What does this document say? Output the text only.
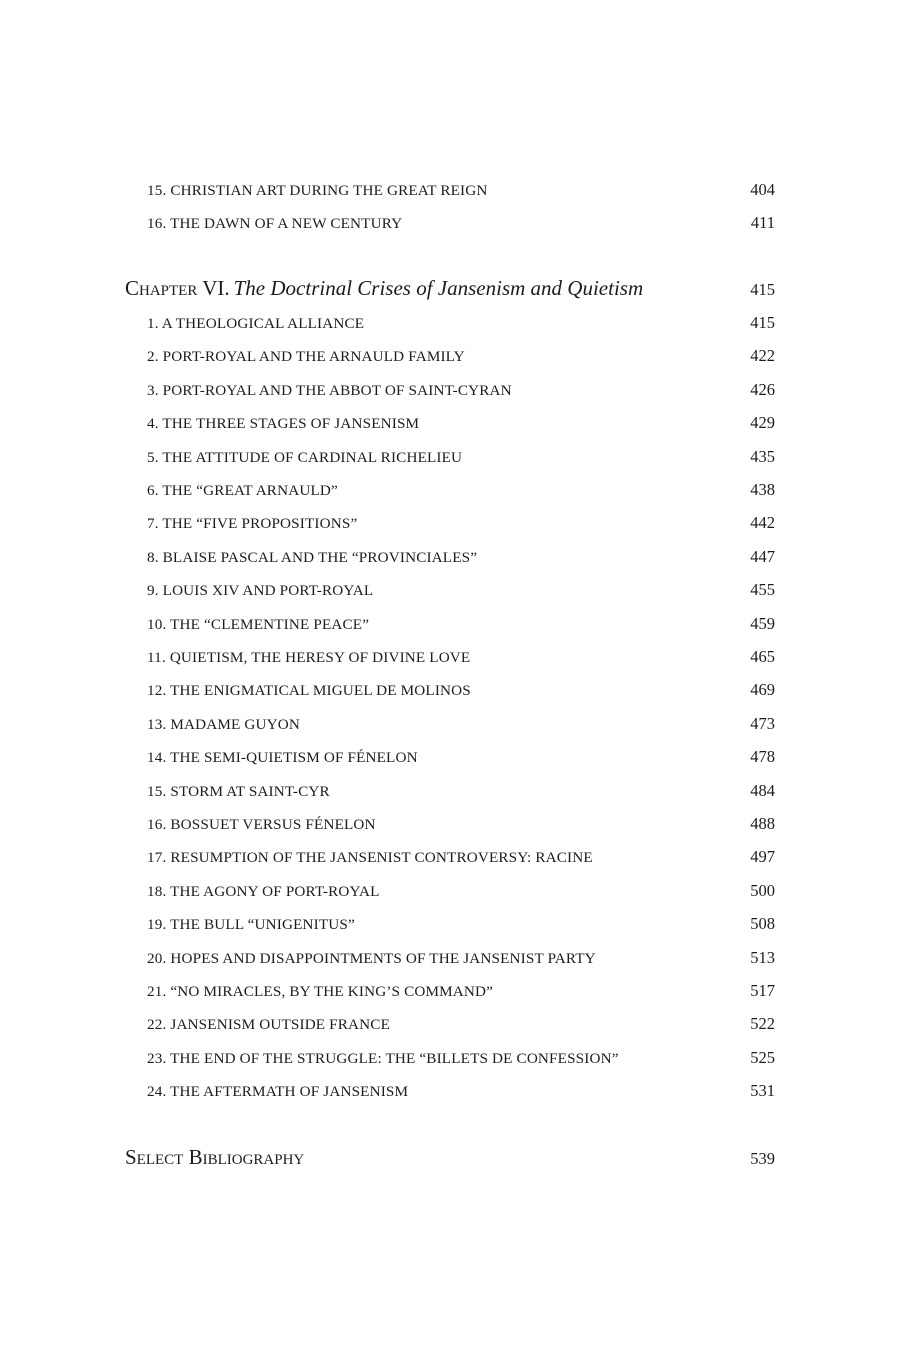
15. CHRISTIAN ART DURING THE GREAT REIGN	404
16. THE DAWN OF A NEW CENTURY	411
Chapter VI. The Doctrinal Crises of Jansenism and Quietism	415
1. A THEOLOGICAL ALLIANCE	415
2. PORT-ROYAL AND THE ARNAULD FAMILY	422
3. PORT-ROYAL AND THE ABBOT OF SAINT-CYRAN	426
4. THE THREE STAGES OF JANSENISM	429
5. THE ATTITUDE OF CARDINAL RICHELIEU	435
6. THE “GREAT ARNAULD”	438
7. THE “FIVE PROPOSITIONS”	442
8. BLAISE PASCAL AND THE “PROVINCIALES”	447
9. LOUIS XIV AND PORT-ROYAL	455
10. THE “CLEMENTINE PEACE”	459
11. QUIETISM, THE HERESY OF DIVINE LOVE	465
12. THE ENIGMATICAL MIGUEL DE MOLINOS	469
13. MADAME GUYON	473
14. THE SEMI-QUIETISM OF FÉNELON	478
15. STORM AT SAINT-CYR	484
16. BOSSUET VERSUS FÉNELON	488
17. RESUMPTION OF THE JANSENIST CONTROVERSY: RACINE	497
18. THE AGONY OF PORT-ROYAL	500
19. THE BULL “UNIGENITUS”	508
20. HOPES AND DISAPPOINTMENTS OF THE JANSENIST PARTY	513
21. “NO MIRACLES, BY THE KING’S COMMAND”	517
22. JANSENISM OUTSIDE FRANCE	522
23. THE END OF THE STRUGGLE: THE “BILLETS DE CONFESSION”	525
24. THE AFTERMATH OF JANSENISM	531
Select Bibliography	539
